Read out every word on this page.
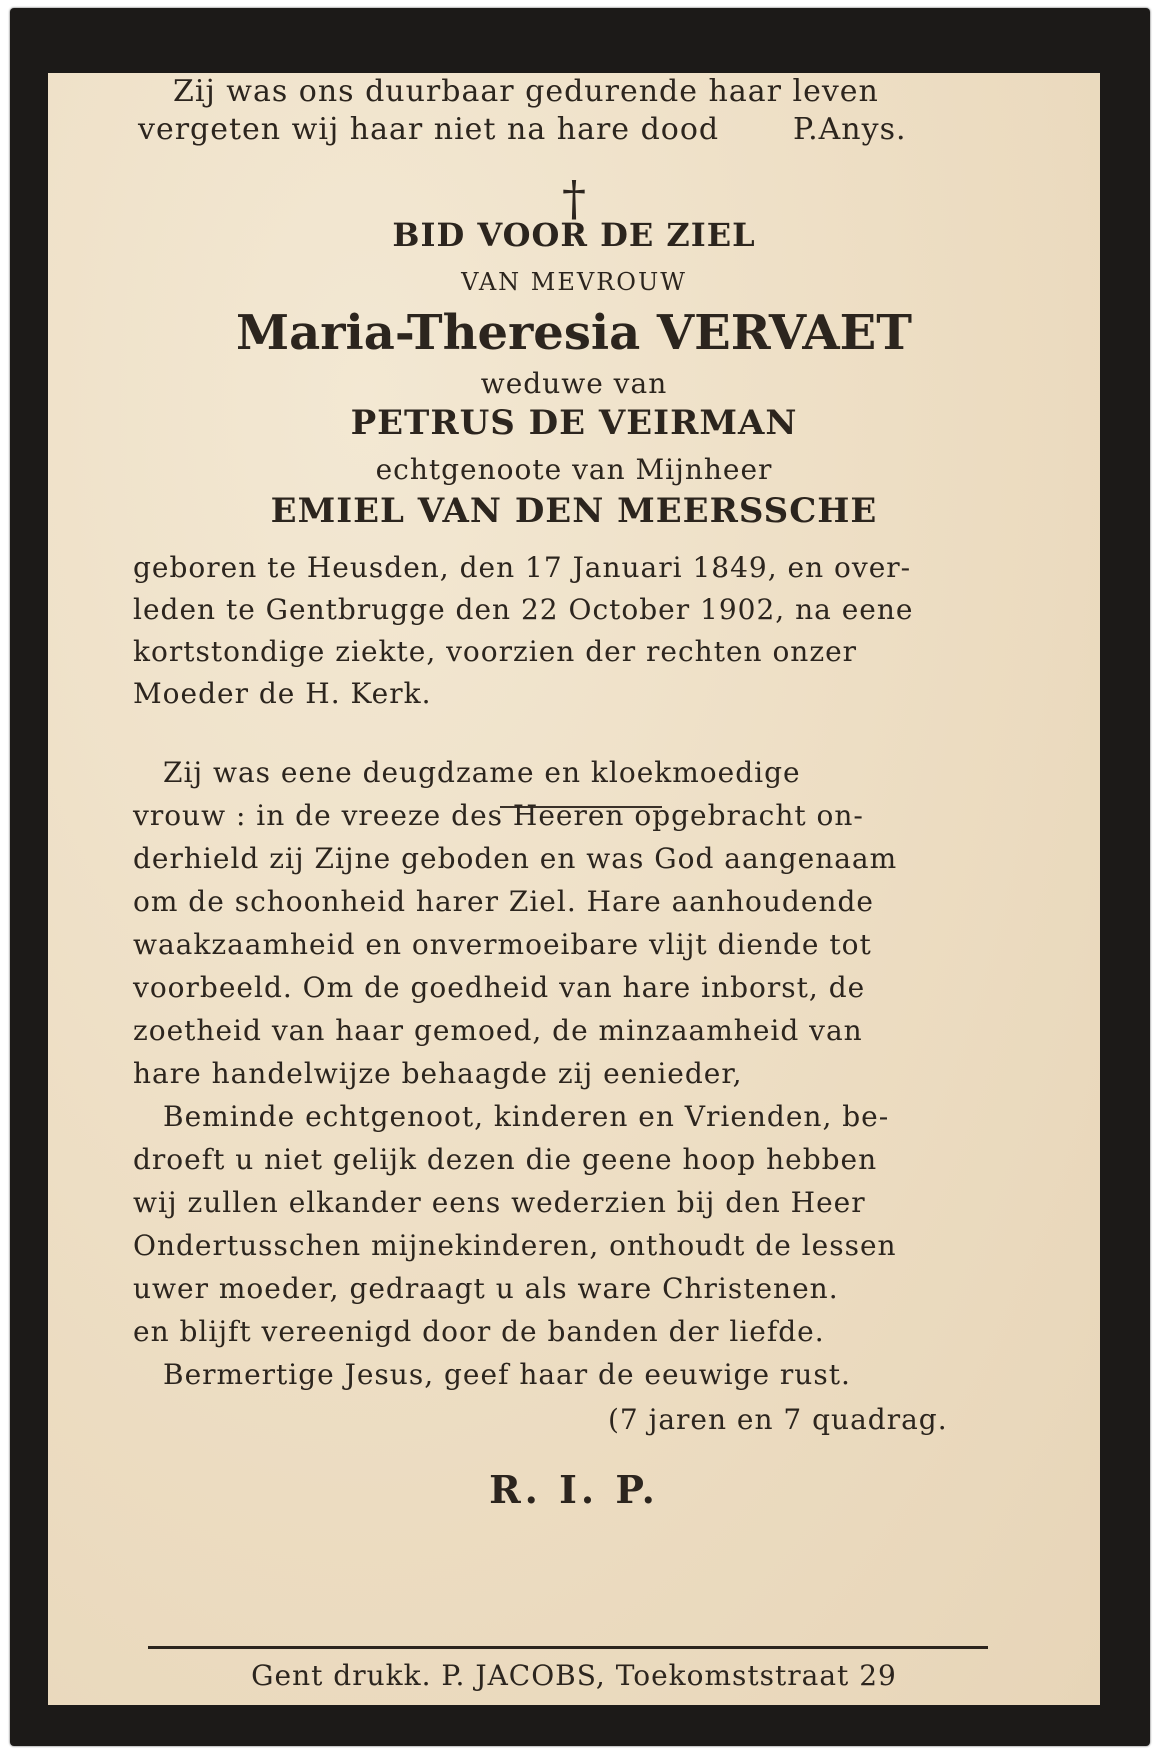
Zij was ons duurbaar gedurende haar leven
vergeten wij haar niet na hare dood P.Anys.
†
BID VOOR DE ZIEL
VAN MEVROUW
Maria-Theresia VERVAET
weduwe van
PETRUS DE VEIRMAN
echtgenoote van Mijnheer
EMIEL VAN DEN MEERSSCHE
geboren te Heusden, den 17 Januari 1849, en over-
leden te Gentbrugge den 22 October 1902, na eene
kortstondige ziekte, voorzien der rechten onzer
Moeder de H. Kerk.
Zij was eene deugdzame en kloekmoedige
vrouw : in de vreeze des Heeren opgebracht on-
derhield zij Zijne geboden en was God aangenaam
om de schoonheid harer Ziel. Hare aanhoudende
waakzaamheid en onvermoeibare vlijt diende tot
voorbeeld. Om de goedheid van hare inborst, de
zoetheid van haar gemoed, de minzaamheid van
hare handelwijze behaagde zij eenieder,
Beminde echtgenoot, kinderen en Vrienden, be-
droeft u niet gelijk dezen die geene hoop hebben
wij zullen elkander eens wederzien bij den Heer
Ondertusschen mijnekinderen, onthoudt de lessen
uwer moeder, gedraagt u als ware Christenen.
en blijft vereenigd door de banden der liefde.
Bermertige Jesus, geef haar de eeuwige rust.
(7 jaren en 7 quadrag.
R. I. P.
Gent drukk. P. JACOBS, Toekomststraat 29
